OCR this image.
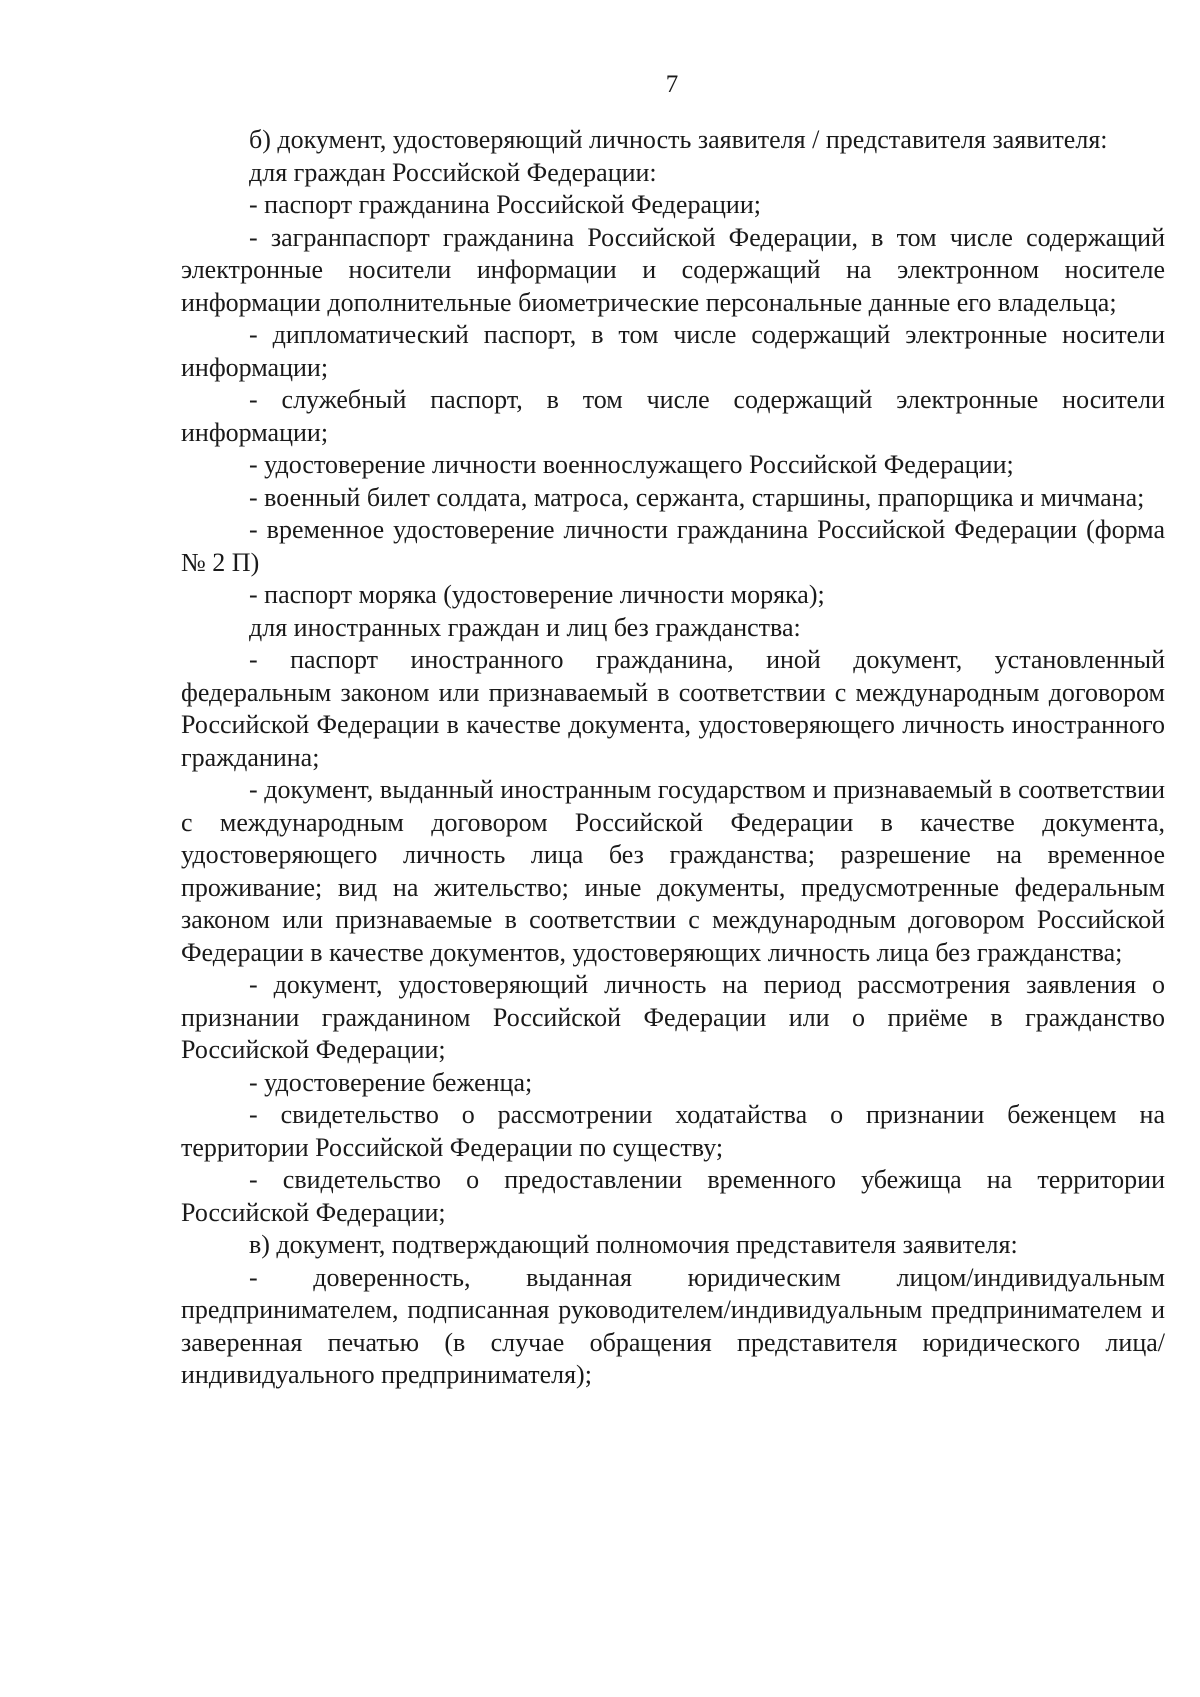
7

б) документ, удостоверяющий личность заявителя / представителя заявителя:

для граждан Российской Федерации:

- паспорт гражданина Российской Федерации;

- загранпаспорт гражданина Российской Федерации, в том числе содержащий электронные носители информации и содержащий на электронном носителе информации дополнительные биометрические персональные данные его владельца;

- дипломатический паспорт, в том числе содержащий электронные носители информации;

- служебный паспорт, в том числе содержащий электронные носители информации;

- удостоверение личности военнослужащего Российской Федерации;

- военный билет солдата, матроса, сержанта, старшины, прапорщика и мичмана;

- временное удостоверение личности гражданина Российской Федерации (форма № 2 П)

- паспорт моряка (удостоверение личности моряка);

для иностранных граждан и лиц без гражданства:

- паспорт иностранного гражданина, иной документ, установленный федеральным законом или признаваемый в соответствии с международным договором Российской Федерации в качестве документа, удостоверяющего личность иностранного гражданина;

- документ, выданный иностранным государством и признаваемый в соответствии с международным договором Российской Федерации в качестве документа, удостоверяющего личность лица без гражданства; разрешение на временное проживание; вид на жительство; иные документы, предусмотренные федеральным законом или признаваемые в соответствии с международным договором Российской Федерации в качестве документов, удостоверяющих личность лица без гражданства;

- документ, удостоверяющий личность на период рассмотрения заявления о признании гражданином Российской Федерации или о приёме в гражданство Российской Федерации;

- удостоверение беженца;

- свидетельство о рассмотрении ходатайства о признании беженцем на территории Российской Федерации по существу;

- свидетельство о предоставлении временного убежища на территории Российской Федерации;

в) документ, подтверждающий полномочия представителя заявителя:

- доверенность, выданная юридическим лицом/индивидуальным предпринимателем, подписанная руководителем/индивидуальным предпринимателем и заверенная печатью (в случае обращения представителя юридического лица/индивидуального предпринимателя);
